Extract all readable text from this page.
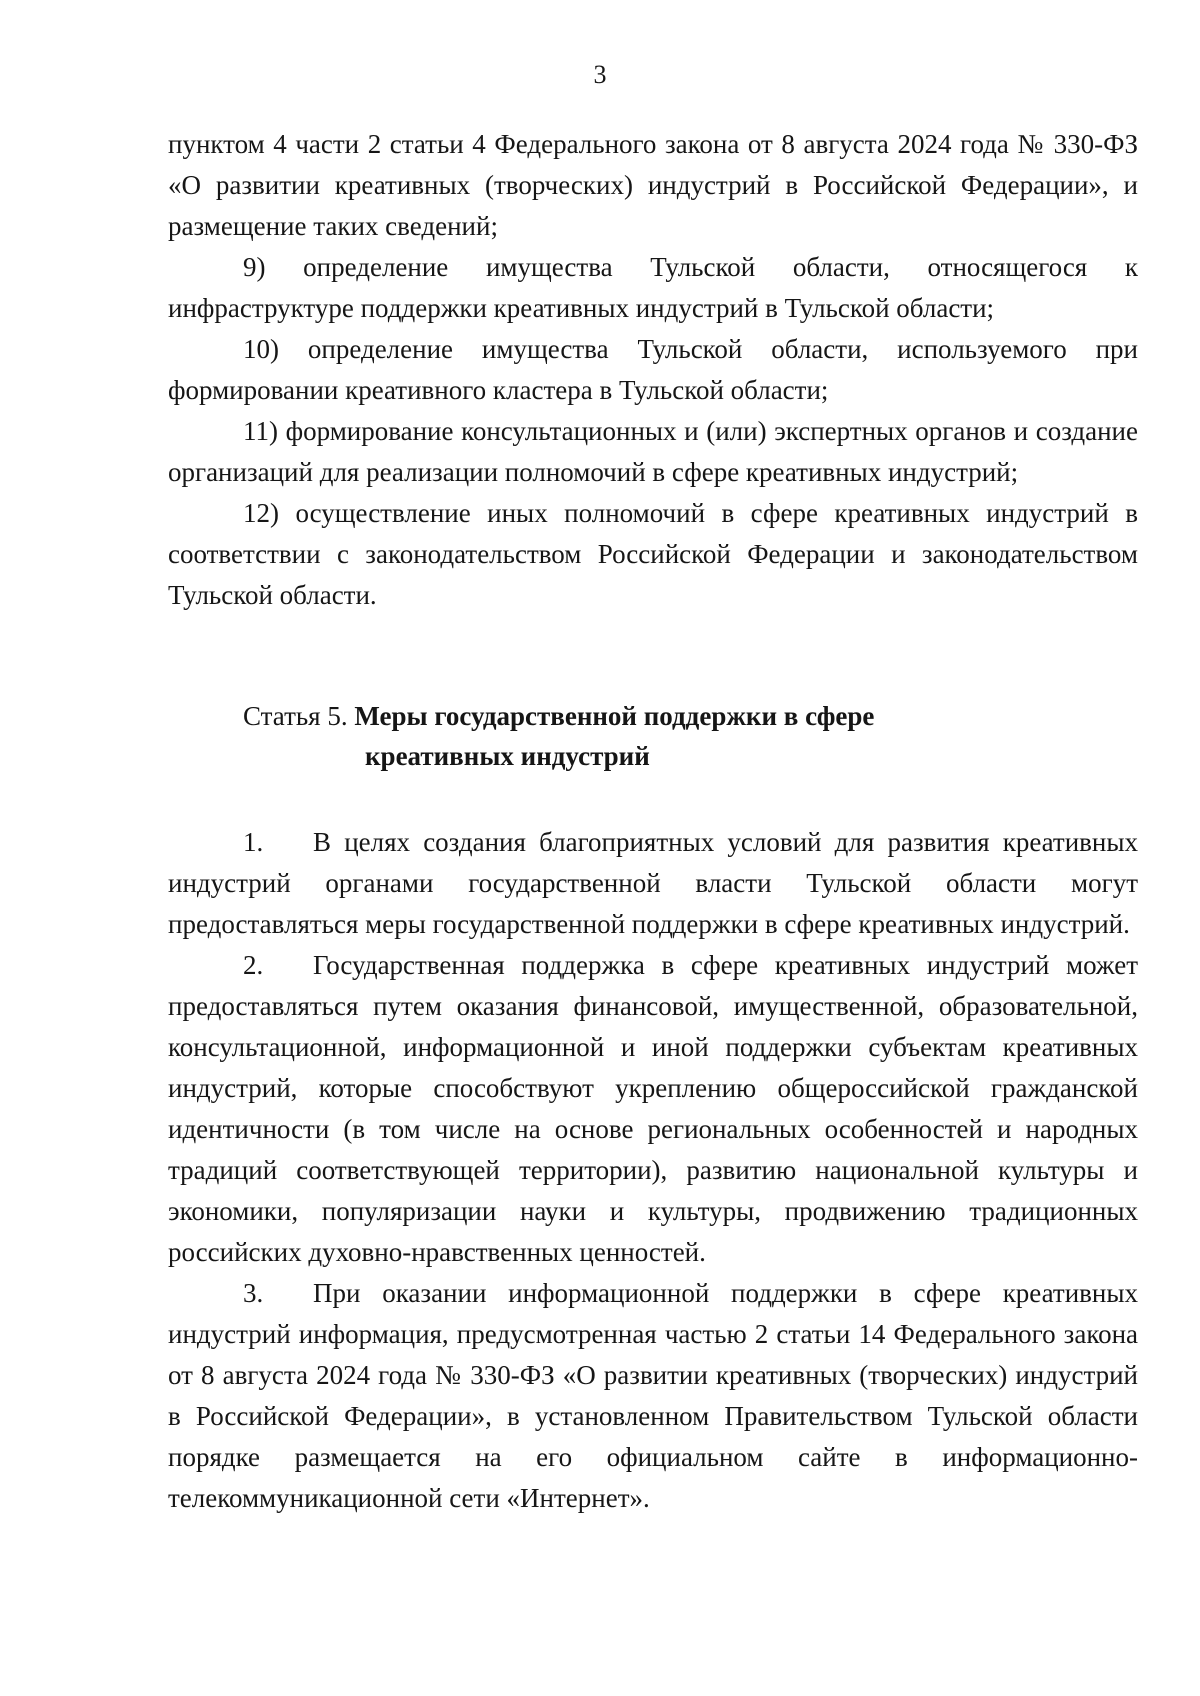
3

пунктом 4 части 2 статьи 4 Федерального закона от 8 августа 2024 года № 330-ФЗ «О развитии креативных (творческих) индустрий в Российской Федерации», и размещение таких сведений;

9) определение имущества Тульской области, относящегося к инфраструктуре поддержки креативных индустрий в Тульской области;

10) определение имущества Тульской области, используемого при формировании креативного кластера в Тульской области;

11) формирование консультационных и (или) экспертных органов и создание организаций для реализации полномочий в сфере креативных индустрий;

12) осуществление иных полномочий в сфере креативных индустрий в соответствии с законодательством Российской Федерации и законодательством Тульской области.

Статья 5. Меры государственной поддержки в сфере
креативных индустрий

1. В целях создания благоприятных условий для развития креативных индустрий органами государственной власти Тульской области могут предоставляться меры государственной поддержки в сфере креативных индустрий.

2. Государственная поддержка в сфере креативных индустрий может предоставляться путем оказания финансовой, имущественной, образовательной, консультационной, информационной и иной поддержки субъектам креативных индустрий, которые способствуют укреплению общероссийской гражданской идентичности (в том числе на основе региональных особенностей и народных традиций соответствующей территории), развитию национальной культуры и экономики, популяризации науки и культуры, продвижению традиционных российских духовно-нравственных ценностей.

3. При оказании информационной поддержки в сфере креативных индустрий информация, предусмотренная частью 2 статьи 14 Федерального закона от 8 августа 2024 года № 330-ФЗ «О развитии креативных (творческих) индустрий в Российской Федерации», в установленном Правительством Тульской области порядке размещается на его официальном сайте в информационно-телекоммуникационной сети «Интернет».
